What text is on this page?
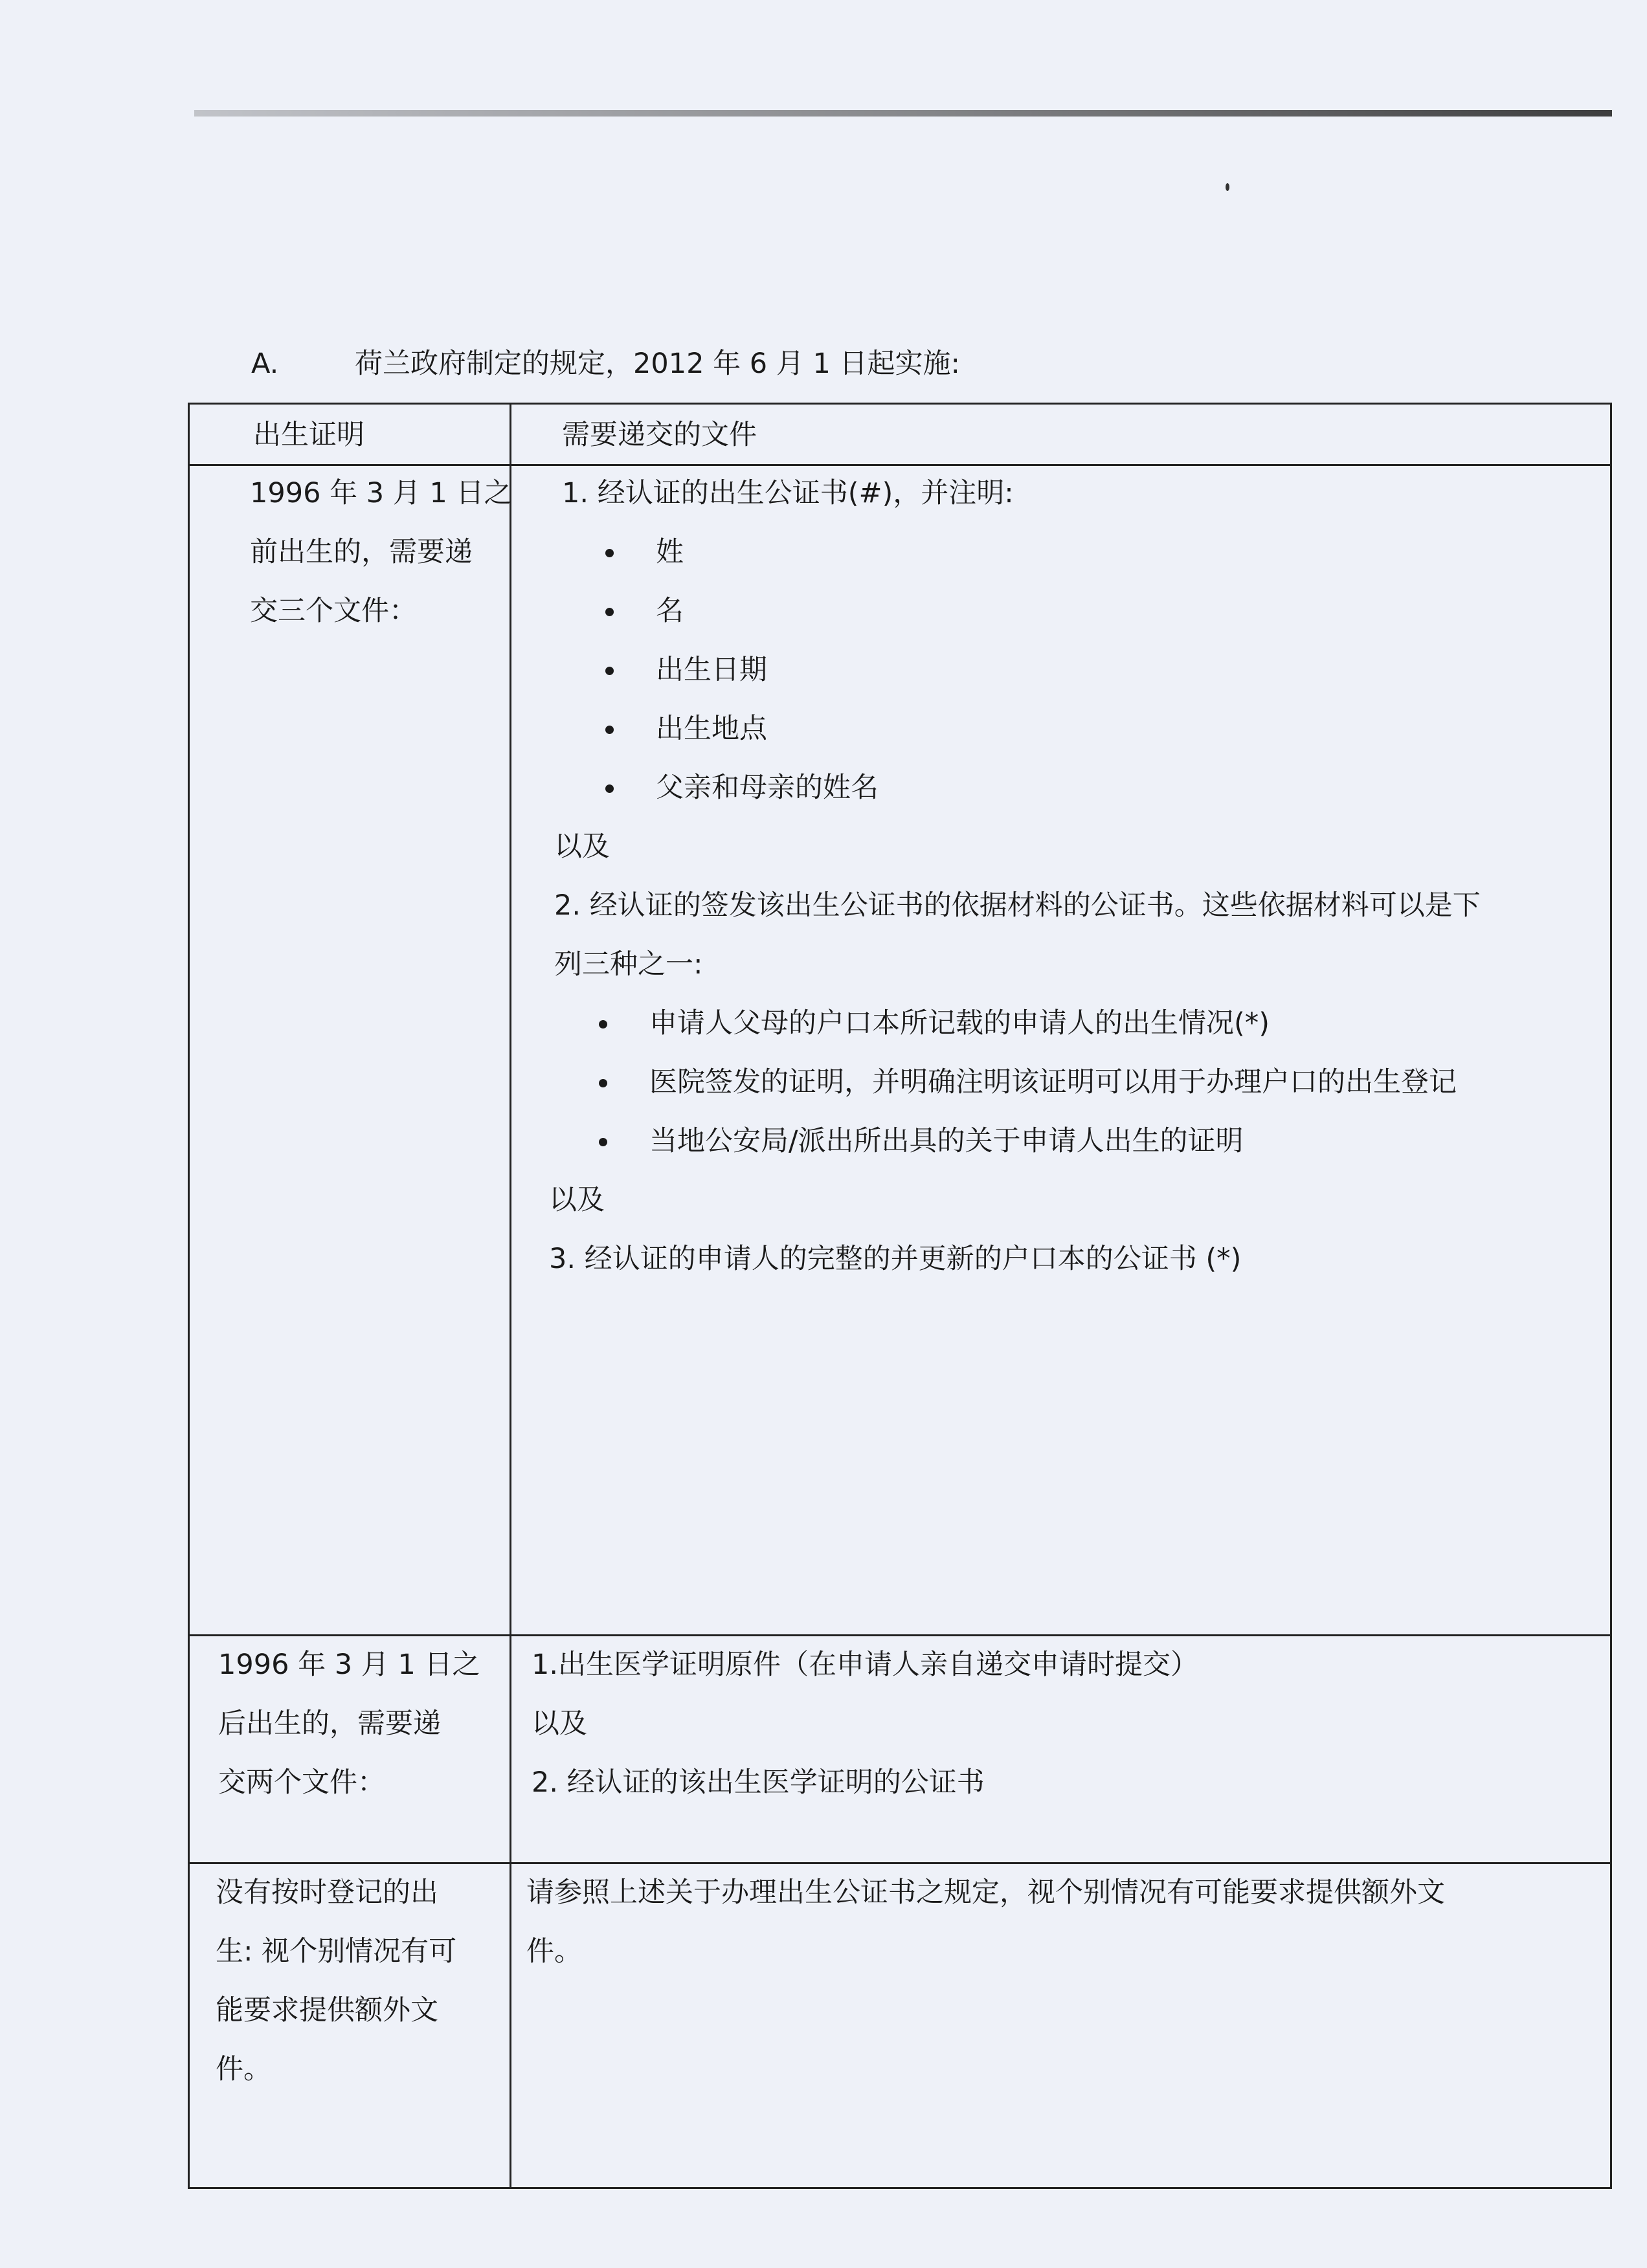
A.	荷兰政府制定的规定，2012 年 6 月 1 日起实施:
出生证明	需要递交的文件
1996 年 3 月 1 日之
前出生的，需要递
交三个文件：
1. 经认证的出生公证书(#)，并注明:
姓
名
出生日期
出生地点
父亲和母亲的姓名
以及
2. 经认证的签发该出生公证书的依据材料的公证书。这些依据材料可以是下
列三种之一:
申请人父母的户口本所记载的申请人的出生情况(*)
医院签发的证明，并明确注明该证明可以用于办理户口的出生登记
当地公安局/派出所出具的关于申请人出生的证明
以及
3. 经认证的申请人的完整的并更新的户口本的公证书 (*)
1996 年 3 月 1 日之
后出生的，需要递
交两个文件：
1.出生医学证明原件（在申请人亲自递交申请时提交）
以及
2. 经认证的该出生医学证明的公证书
没有按时登记的出
生: 视个别情况有可
能要求提供额外文
件。
请参照上述关于办理出生公证书之规定，视个别情况有可能要求提供额外文
件。
